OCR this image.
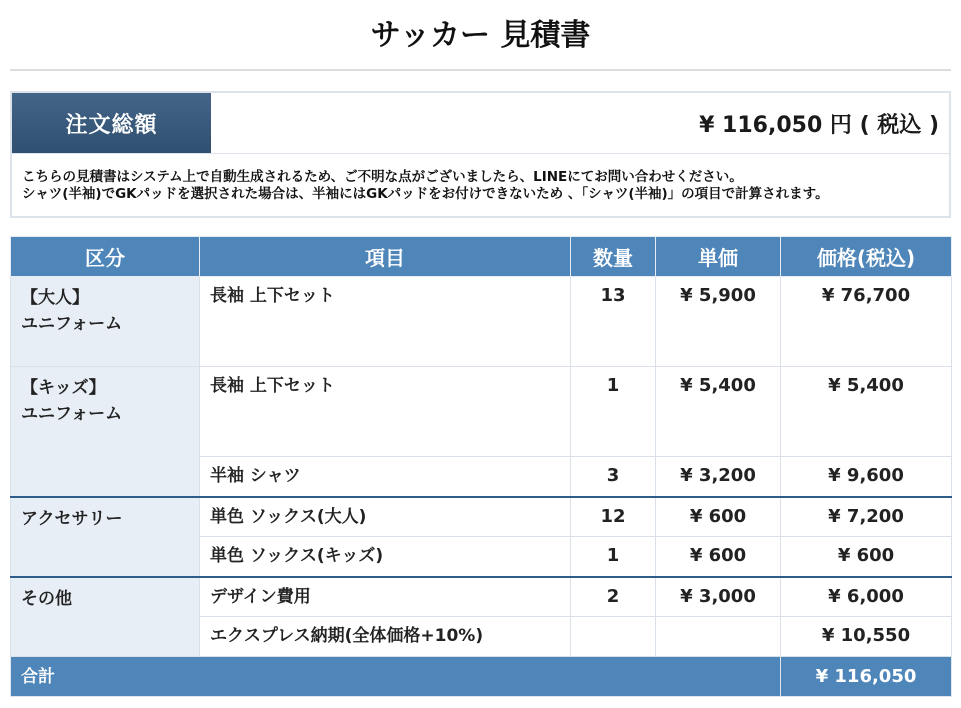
サッカー 見積書
注文総額	¥ 116,050 円 ( 税込 )
こちらの見積書はシステム上で自動生成されるため、ご不明な点がございましたら、LINEにてお問い合わせください。
シャツ(半袖)でGKパッドを選択された場合は、半袖にはGKパッドをお付けできないため 、「シャツ(半袖)」の項目で計算されます。
区分	項目	数量	単価	価格(税込)

【大人】
ユニフォーム	長袖 上下セット	13	¥ 5,900	¥ 76,700

【キッズ】
ユニフォーム	長袖 上下セット	1	¥ 5,400	¥ 5,400
	半袖 シャツ	3	¥ 3,200	¥ 9,600

アクセサリー	単色 ソックス(大人)	12	¥ 600	¥ 7,200
	単色 ソックス(キッズ)	1	¥ 600	¥ 600

その他	デザイン費用	2	¥ 3,000	¥ 6,000
	エクスプレス納期(全体価格+10%)			¥ 10,550
合計				¥ 116,050
